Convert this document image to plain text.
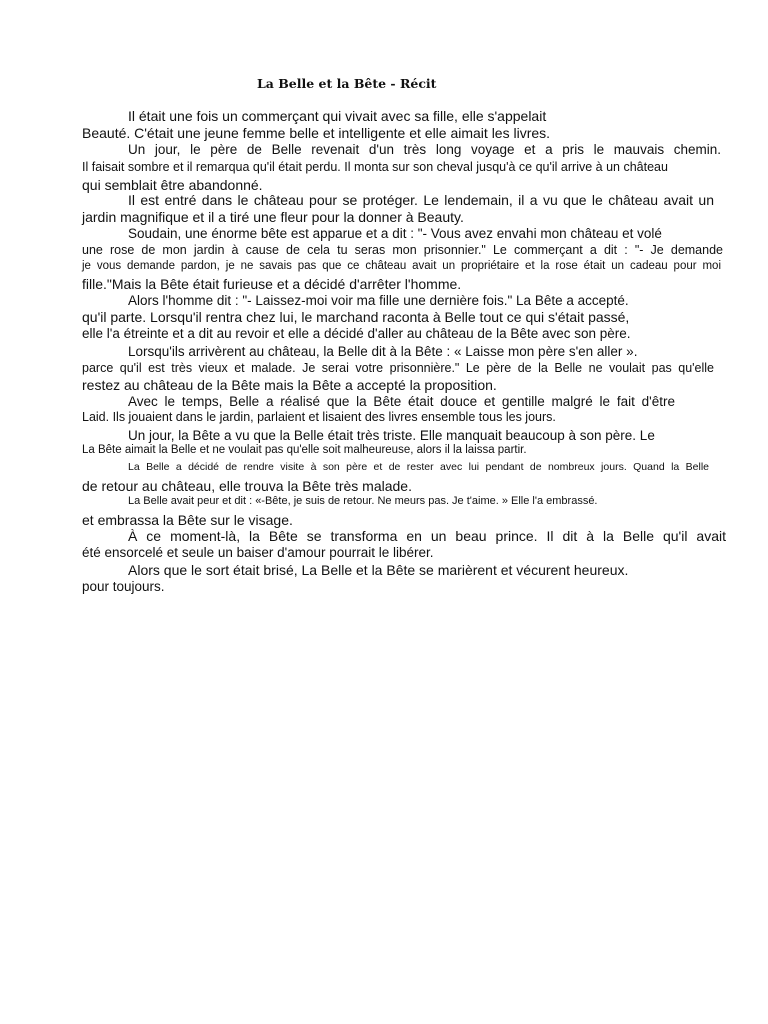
La Belle et la Bête - Récit
Il était une fois un commerçant qui vivait avec sa fille, elle s'appelait
Beauté. C'était une jeune femme belle et intelligente et elle aimait les livres.
Un jour, le père de Belle revenait d'un très long voyage et a pris le mauvais chemin.
Il faisait sombre et il remarqua qu'il était perdu. Il monta sur son cheval jusqu'à ce qu'il arrive à un château
qui semblait être abandonné.
Il est entré dans le château pour se protéger. Le lendemain, il a vu que le château avait un
jardin magnifique et il a tiré une fleur pour la donner à Beauty.
Soudain, une énorme bête est apparue et a dit : "- Vous avez envahi mon château et volé
une rose de mon jardin à cause de cela tu seras mon prisonnier." Le commerçant a dit : "- Je demande
je vous demande pardon, je ne savais pas que ce château avait un propriétaire et la rose était un cadeau pour moi
fille."Mais la Bête était furieuse et a décidé d'arrêter l'homme.
Alors l'homme dit : "- Laissez-moi voir ma fille une dernière fois." La Bête a accepté.
qu'il parte. Lorsqu'il rentra chez lui, le marchand raconta à Belle tout ce qui s'était passé,
elle l'a étreinte et a dit au revoir et elle a décidé d'aller au château de la Bête avec son père.
Lorsqu'ils arrivèrent au château, la Belle dit à la Bête : « Laisse mon père s'en aller ».
parce qu'il est très vieux et malade. Je serai votre prisonnière." Le père de la Belle ne voulait pas qu'elle
restez au château de la Bête mais la Bête a accepté la proposition.
Avec le temps, Belle a réalisé que la Bête était douce et gentille malgré le fait d'être
Laid. Ils jouaient dans le jardin, parlaient et lisaient des livres ensemble tous les jours.
Un jour, la Bête a vu que la Belle était très triste. Elle manquait beaucoup à son père. Le
La Bête aimait la Belle et ne voulait pas qu'elle soit malheureuse, alors il la laissa partir.
La Belle a décidé de rendre visite à son père et de rester avec lui pendant de nombreux jours. Quand la Belle
de retour au château, elle trouva la Bête très malade.
La Belle avait peur et dit : «-Bête, je suis de retour. Ne meurs pas. Je t'aime. » Elle l'a embrassé.
et embrassa la Bête sur le visage.
À ce moment-là, la Bête se transforma en un beau prince. Il dit à la Belle qu'il avait
été ensorcelé et seule un baiser d'amour pourrait le libérer.
Alors que le sort était brisé, La Belle et la Bête se marièrent et vécurent heureux.
pour toujours.
